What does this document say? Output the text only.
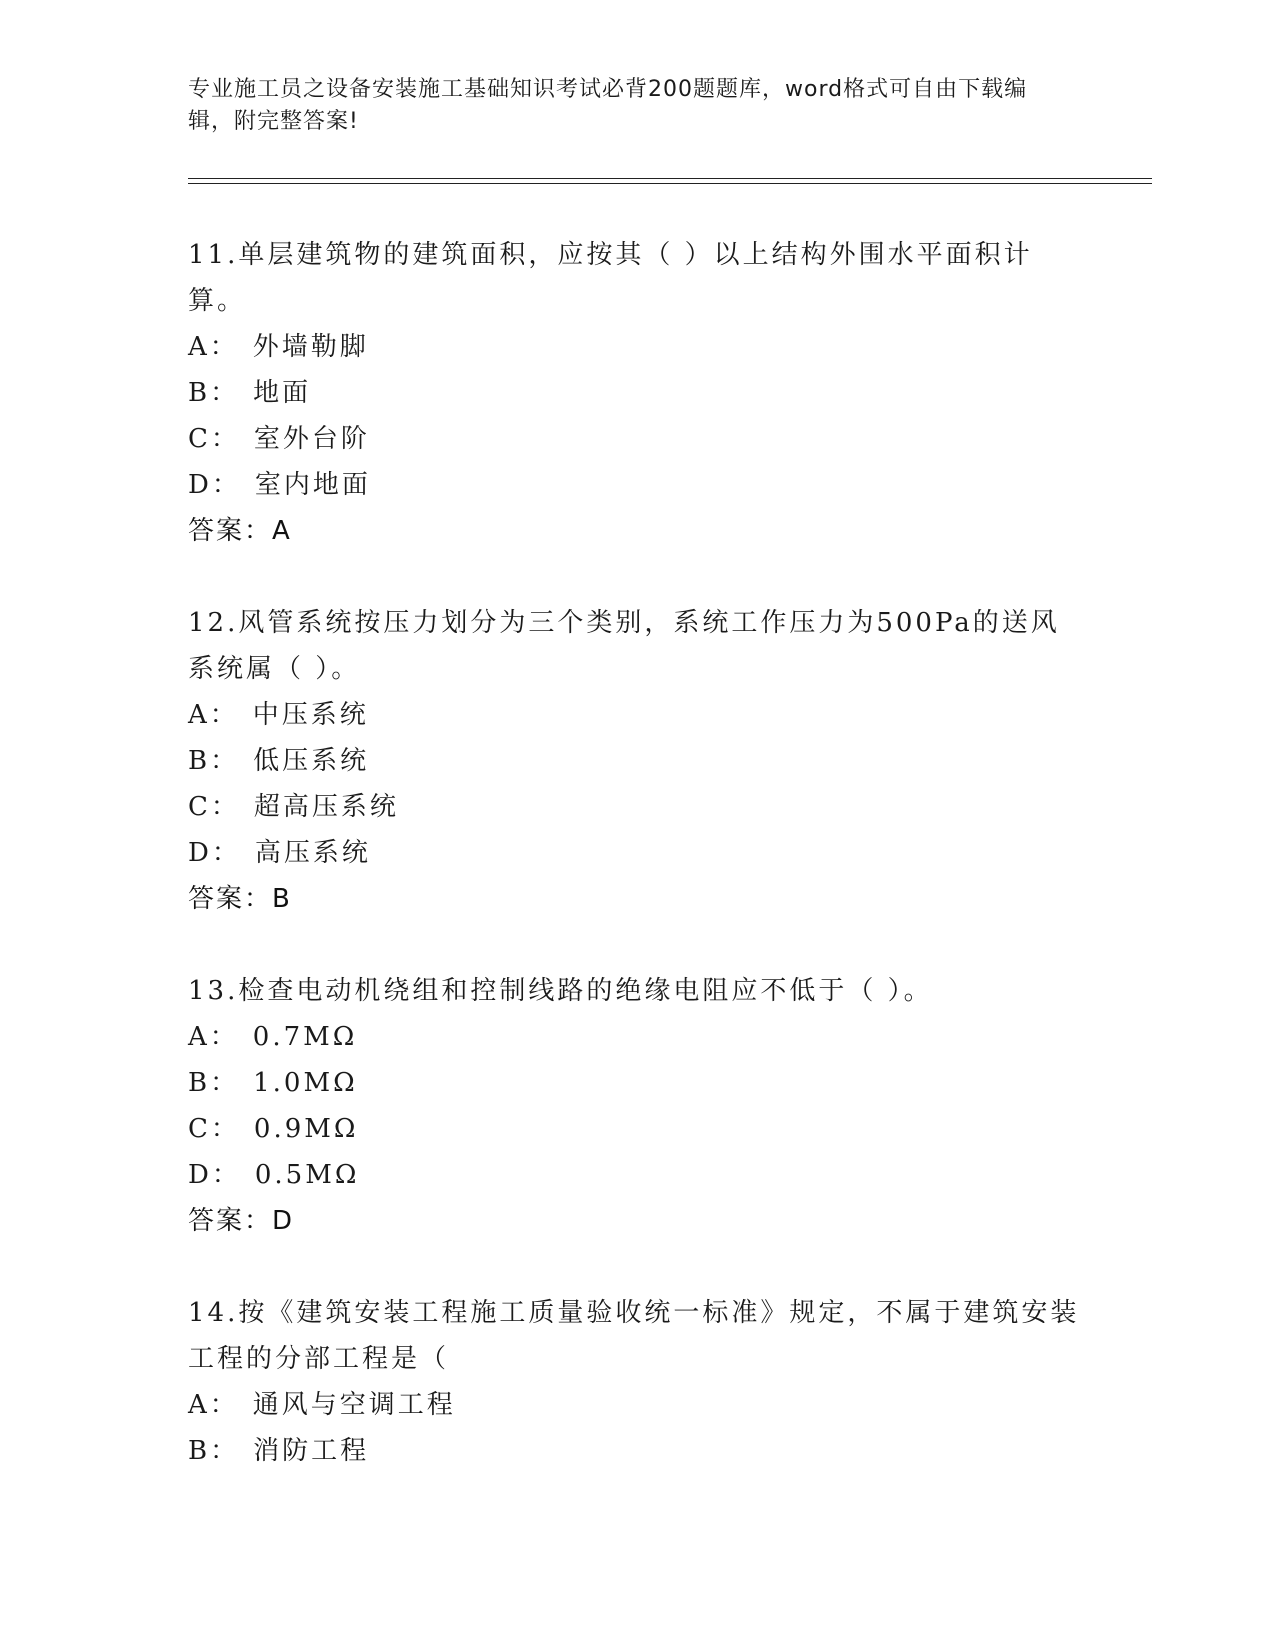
专业施工员之设备安装施工基础知识考试必背200题题库，word格式可自由下载编辑，附完整答案!

11.单层建筑物的建筑面积，应按其（ ）以上结构外围水平面积计算。

A： 外墙勒脚

B： 地面

C： 室外台阶

D： 室内地面

答案：A

12.风管系统按压力划分为三个类别，系统工作压力为500Pa的送风系统属（ ）。

A： 中压系统

B： 低压系统

C： 超高压系统

D： 高压系统

答案：B

13.检查电动机绕组和控制线路的绝缘电阻应不低于（ ）。

A： 0.7MΩ

B： 1.0MΩ

C： 0.9MΩ

D： 0.5MΩ

答案：D

14.按《建筑安装工程施工质量验收统一标准》规定，不属于建筑安装工程的分部工程是（

A： 通风与空调工程

B： 消防工程
